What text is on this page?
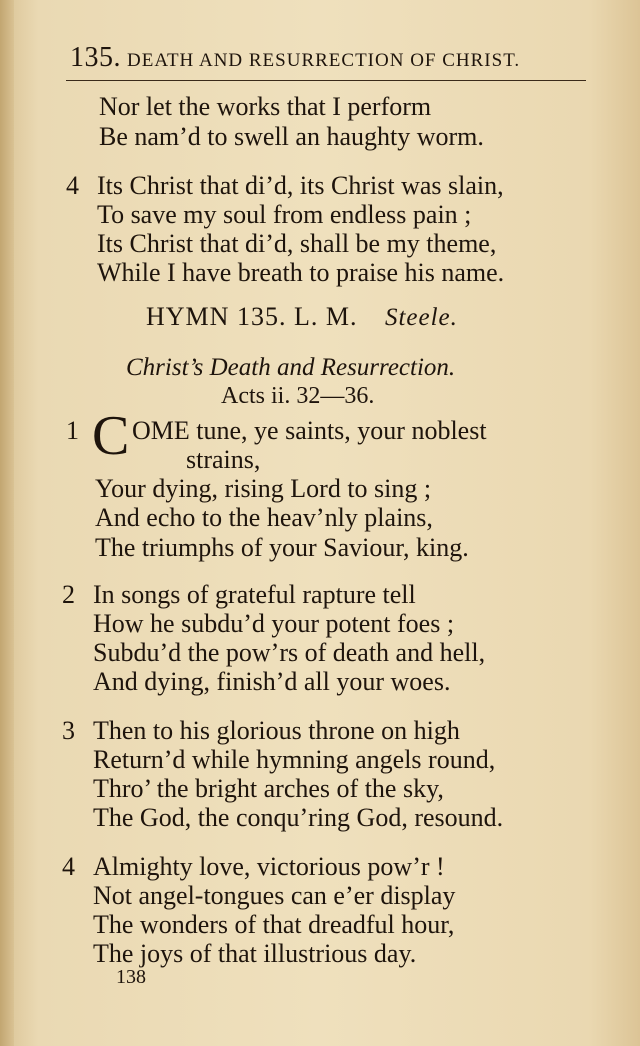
135. DEATH AND RESURRECTION OF CHRIST.
Nor let the works that I perform
Be nam’d to swell an haughty worm.
4 Its Christ that di’d, its Christ was slain,
To save my soul from endless pain ;
Its Christ that di’d, shall be my theme,
While I have breath to praise his name.
HYMN 135. L. M. Steele.
Christ’s Death and Resurrection.
Acts ii. 32—36.
1 C OME tune, ye saints, your noblest
strains,
Your dying, rising Lord to sing ;
And echo to the heav’nly plains,
The triumphs of your Saviour, king.
2 In songs of grateful rapture tell
How he subdu’d your potent foes ;
Subdu’d the pow’rs of death and hell,
And dying, finish’d all your woes.
3 Then to his glorious throne on high
Return’d while hymning angels round,
Thro’ the bright arches of the sky,
The God, the conqu’ring God, resound.
4 Almighty love, victorious pow’r !
Not angel-tongues can e’er display
The wonders of that dreadful hour,
The joys of that illustrious day.
138
